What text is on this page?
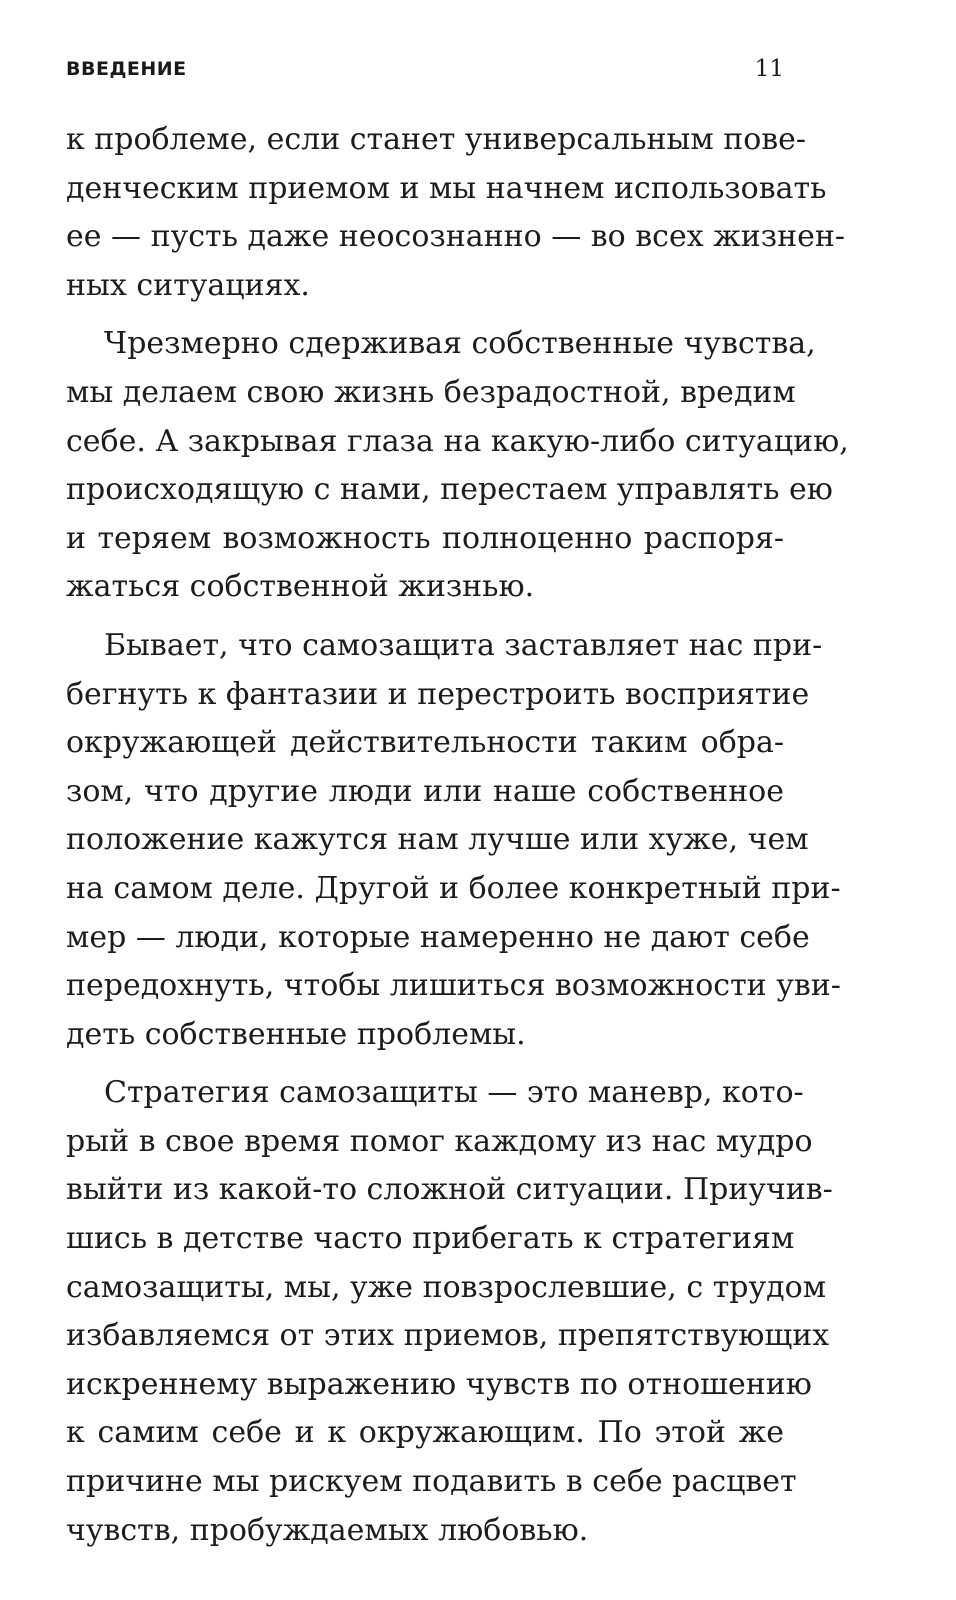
ВВЕДЕНИЕ	11
к проблеме, если станет универсальным пове-
денческим приемом и мы начнем использовать
ее — пусть даже неосознанно — во всех жизнен-
ных ситуациях.
Чрезмерно сдерживая собственные чувства,
мы делаем свою жизнь безрадостной, вредим
себе. А закрывая глаза на какую-либо ситуацию,
происходящую с нами, перестаем управлять ею
и теряем возможность полноценно распоря-
жаться собственной жизнью.
Бывает, что самозащита заставляет нас при-
бегнуть к фантазии и перестроить восприятие
окружающей действительности таким обра-
зом, что другие люди или наше собственное
положение кажутся нам лучше или хуже, чем
на самом деле. Другой и более конкретный при-
мер — люди, которые намеренно не дают себе
передохнуть, чтобы лишиться возможности уви-
деть собственные проблемы.
Стратегия самозащиты — это маневр, кото-
рый в свое время помог каждому из нас мудро
выйти из какой-то сложной ситуации. Приучив-
шись в детстве часто прибегать к стратегиям
самозащиты, мы, уже повзрослевшие, с трудом
избавляемся от этих приемов, препятствующих
искреннему выражению чувств по отношению
к самим себе и к окружающим. По этой же
причине мы рискуем подавить в себе расцвет
чувств, пробуждаемых любовью.
